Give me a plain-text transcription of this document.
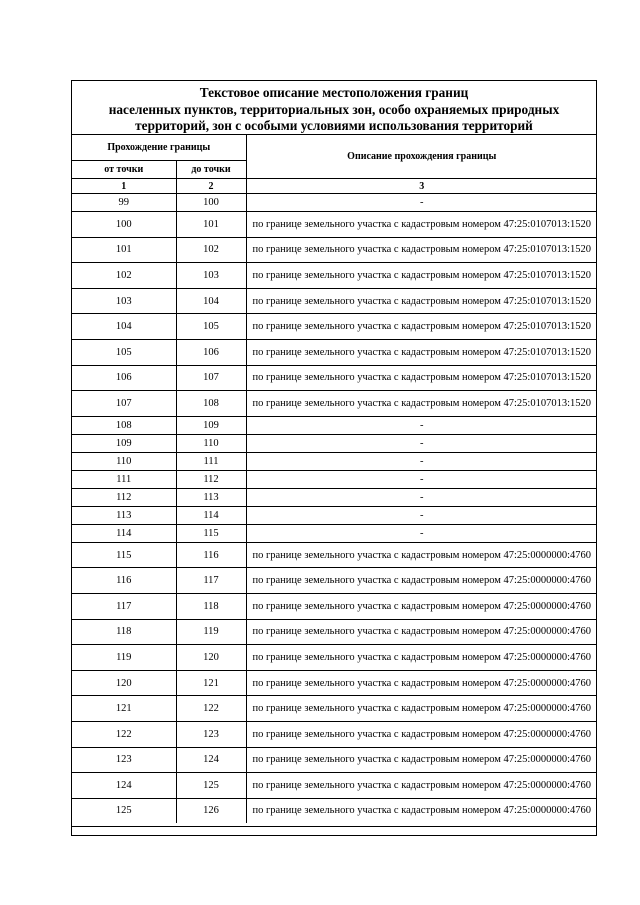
Текстовое описание местоположения границ
населенных пунктов, территориальных зон, особо охраняемых природных
территорий, зон с особыми условиями использования территорий
Прохождение границы		Описание прохождения границы
от точки	до точки	
1	2	3
99	100	-
100	101	по границе земельного участка с кадастровым номером 47:25:0107013:1520
101	102	по границе земельного участка с кадастровым номером 47:25:0107013:1520
102	103	по границе земельного участка с кадастровым номером 47:25:0107013:1520
103	104	по границе земельного участка с кадастровым номером 47:25:0107013:1520
104	105	по границе земельного участка с кадастровым номером 47:25:0107013:1520
105	106	по границе земельного участка с кадастровым номером 47:25:0107013:1520
106	107	по границе земельного участка с кадастровым номером 47:25:0107013:1520
107	108	по границе земельного участка с кадастровым номером 47:25:0107013:1520
108	109	-
109	110	-
110	111	-
111	112	-
112	113	-
113	114	-
114	115	-
115	116	по границе земельного участка с кадастровым номером 47:25:0000000:4760
116	117	по границе земельного участка с кадастровым номером 47:25:0000000:4760
117	118	по границе земельного участка с кадастровым номером 47:25:0000000:4760
118	119	по границе земельного участка с кадастровым номером 47:25:0000000:4760
119	120	по границе земельного участка с кадастровым номером 47:25:0000000:4760
120	121	по границе земельного участка с кадастровым номером 47:25:0000000:4760
121	122	по границе земельного участка с кадастровым номером 47:25:0000000:4760
122	123	по границе земельного участка с кадастровым номером 47:25:0000000:4760
123	124	по границе земельного участка с кадастровым номером 47:25:0000000:4760
124	125	по границе земельного участка с кадастровым номером 47:25:0000000:4760
125	126	по границе земельного участка с кадастровым номером 47:25:0000000:4760
